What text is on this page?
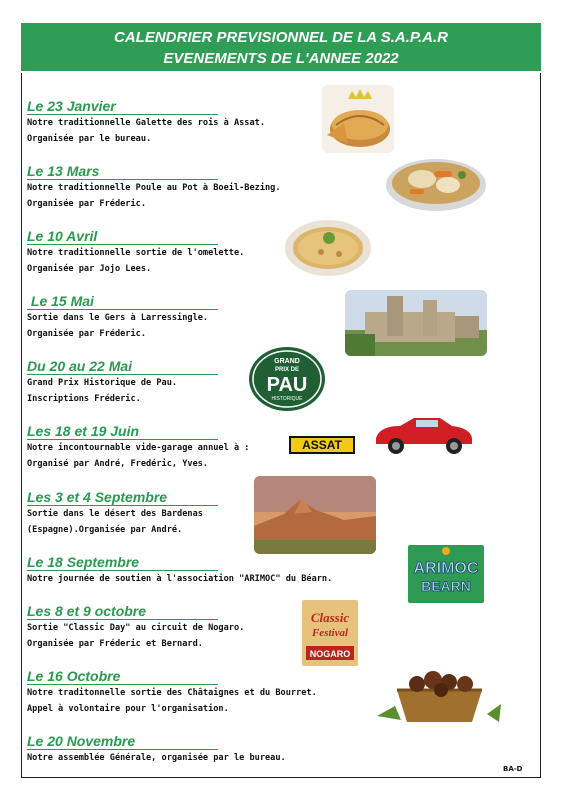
CALENDRIER PREVISIONNEL DE LA S.A.P.A.R
EVENEMENTS DE L'ANNEE 2022
Le 23 Janvier
Notre traditionnelle Galette des rois à Assat.
Organisée par le bureau.
Le 13 Mars
Notre traditionnelle Poule au Pot à Boeil-Bezing.
Organisée par Fréderic.
Le 10 Avril
Notre traditionnelle sortie de l'omelette.
Organisée par Jojo Lees.
Le 15 Mai
Sortie dans le Gers à Larressingle.
Organisée par Fréderic.
Du 20 au 22 Mai
Grand Prix Historique de Pau.
Inscriptions Fréderic.
Les 18 et 19 Juin
Notre incontournable vide-garage annuel à :
Organisé par André, Fredéric, Yves.
Les 3 et 4 Septembre
Sortie dans le désert des Bardenas
(Espagne).Organisée par André.
Le 18 Septembre
Notre journée de soutien à l'association "ARIMOC" du Béarn.
Les 8 et 9 octobre
Sortie "Classic Day" au circuit de Nogaro.
Organisée par Fréderic et Bernard.
Le 16 Octobre
Notre traditonnelle sortie des Châtaignes et du Bourret.
Appel à volontaire pour l'organisation.
Le 20 Novembre
Notre assemblée Générale, organisée par le bureau.
ASSAT
GRAND
PRIX DE
PAU
HISTORIQUE
ARIMOC
BEARN
Classic
Festival
NOGARO
BA-D
